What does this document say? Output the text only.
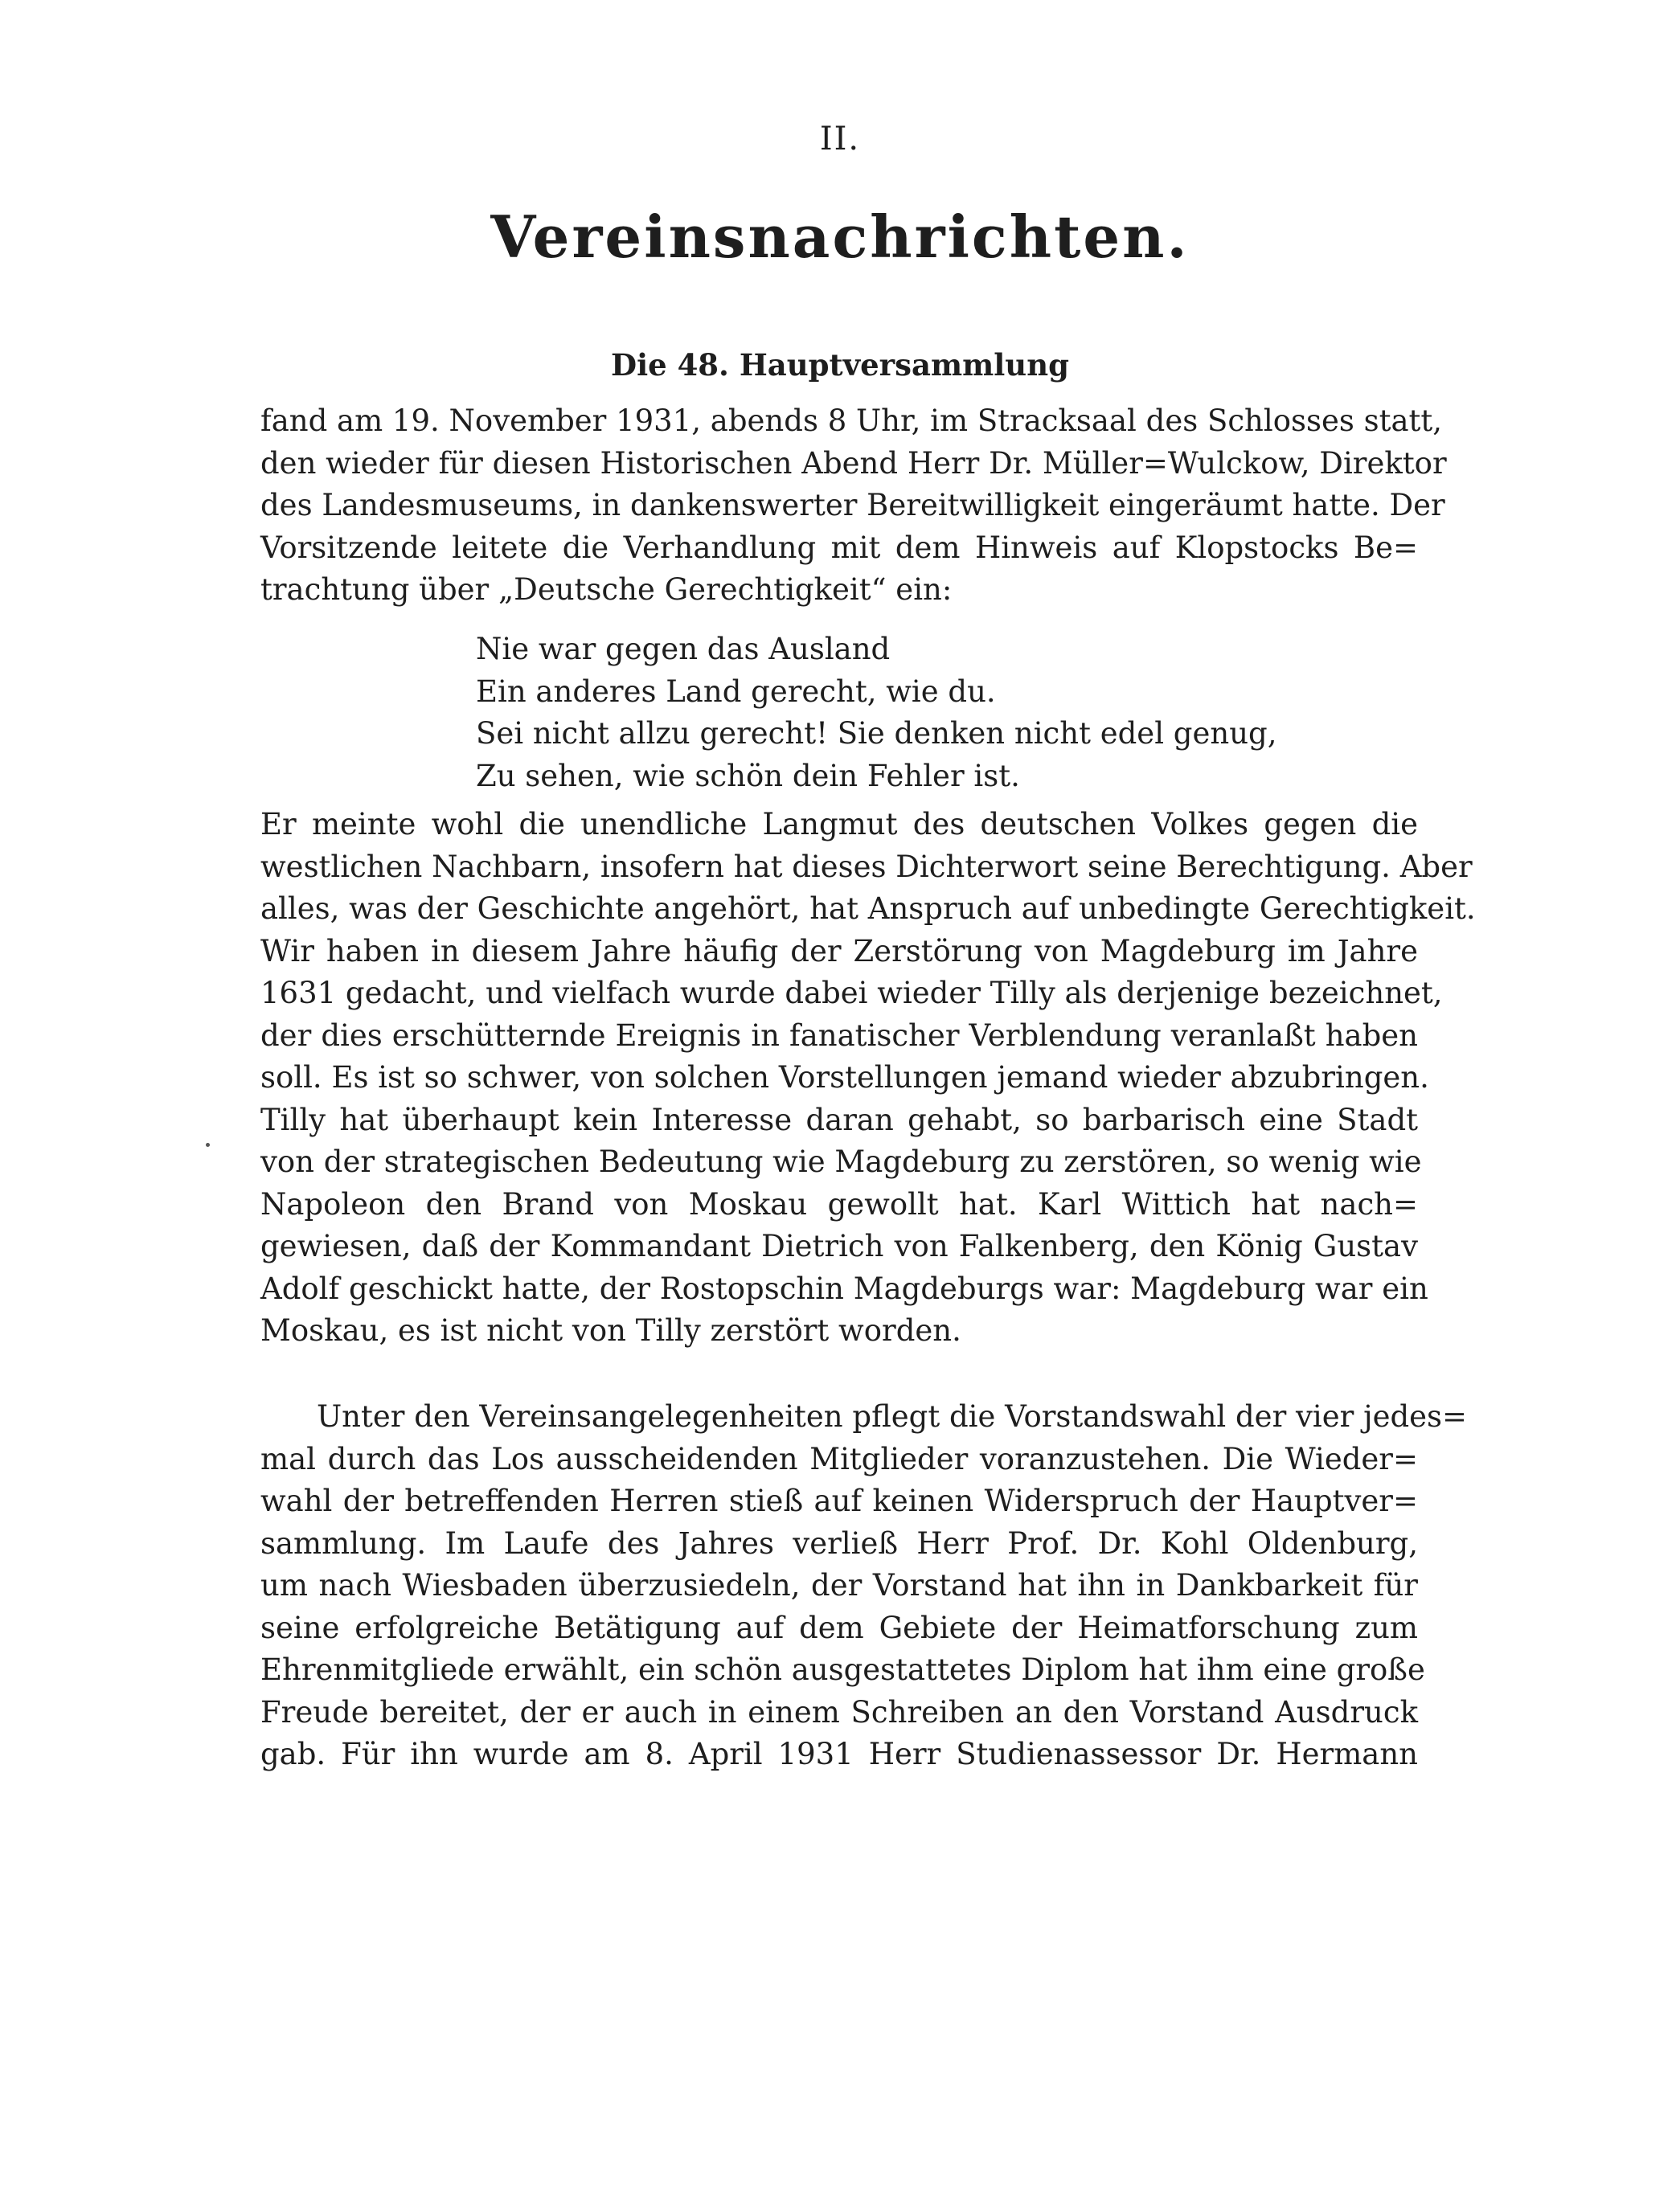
II.
Vereinsnachrichten.
Die 48. Hauptversammlung
fand am 19. November 1931, abends 8 Uhr, im Stracksaal des Schlosses statt,
den wieder für diesen Historischen Abend Herr Dr. Müller=Wulckow, Direktor
des Landesmuseums, in dankenswerter Bereitwilligkeit eingeräumt hatte. Der
Vorsitzende leitete die Verhandlung mit dem Hinweis auf Klopstocks Be=
trachtung über „Deutsche Gerechtigkeit“ ein:
Nie war gegen das Ausland
Ein anderes Land gerecht, wie du.
Sei nicht allzu gerecht! Sie denken nicht edel genug,
Zu sehen, wie schön dein Fehler ist.
Er meinte wohl die unendliche Langmut des deutschen Volkes gegen die
westlichen Nachbarn, insofern hat dieses Dichterwort seine Berechtigung. Aber
alles, was der Geschichte angehört, hat Anspruch auf unbedingte Gerechtigkeit.
Wir haben in diesem Jahre häufig der Zerstörung von Magdeburg im Jahre
1631 gedacht, und vielfach wurde dabei wieder Tilly als derjenige bezeichnet,
der dies erschütternde Ereignis in fanatischer Verblendung veranlaßt haben
soll. Es ist so schwer, von solchen Vorstellungen jemand wieder abzubringen.
Tilly hat überhaupt kein Interesse daran gehabt, so barbarisch eine Stadt
von der strategischen Bedeutung wie Magdeburg zu zerstören, so wenig wie
Napoleon den Brand von Moskau gewollt hat. Karl Wittich hat nach=
gewiesen, daß der Kommandant Dietrich von Falkenberg, den König Gustav
Adolf geschickt hatte, der Rostopschin Magdeburgs war: Magdeburg war ein
Moskau, es ist nicht von Tilly zerstört worden.
Unter den Vereinsangelegenheiten pflegt die Vorstandswahl der vier jedes=
mal durch das Los ausscheidenden Mitglieder voranzustehen. Die Wieder=
wahl der betreffenden Herren stieß auf keinen Widerspruch der Hauptver=
sammlung. Im Laufe des Jahres verließ Herr Prof. Dr. Kohl Oldenburg,
um nach Wiesbaden überzusiedeln, der Vorstand hat ihn in Dankbarkeit für
seine erfolgreiche Betätigung auf dem Gebiete der Heimatforschung zum
Ehrenmitgliede erwählt, ein schön ausgestattetes Diplom hat ihm eine große
Freude bereitet, der er auch in einem Schreiben an den Vorstand Ausdruck
gab. Für ihn wurde am 8. April 1931 Herr Studienassessor Dr. Hermann
